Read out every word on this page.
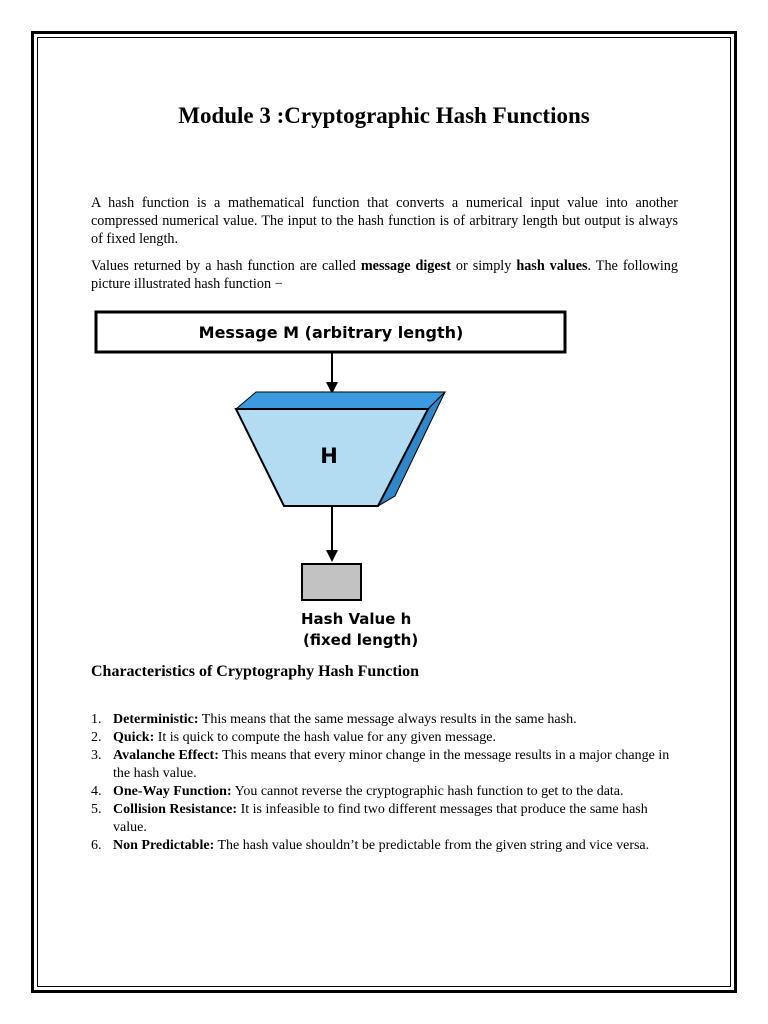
Module 3 :Cryptographic Hash Functions

A hash function is a mathematical function that converts a numerical input value into another compressed numerical value. The input to the hash function is of arbitrary length but output is always of fixed length.

Values returned by a hash function are called message digest or simply hash values. The following picture illustrated hash function −

Message M (arbitrary length)
H
Hash Value h
(fixed length)
Characteristics of Cryptography Hash Function
1. Deterministic: This means that the same message always results in the same hash.
2. Quick: It is quick to compute the hash value for any given message.
3. Avalanche Effect: This means that every minor change in the message results in a major change in the hash value.
4. One-Way Function: You cannot reverse the cryptographic hash function to get to the data.
5. Collision Resistance: It is infeasible to find two different messages that produce the same hash value.
6. Non Predictable: The hash value shouldn’t be predictable from the given string and vice versa.
